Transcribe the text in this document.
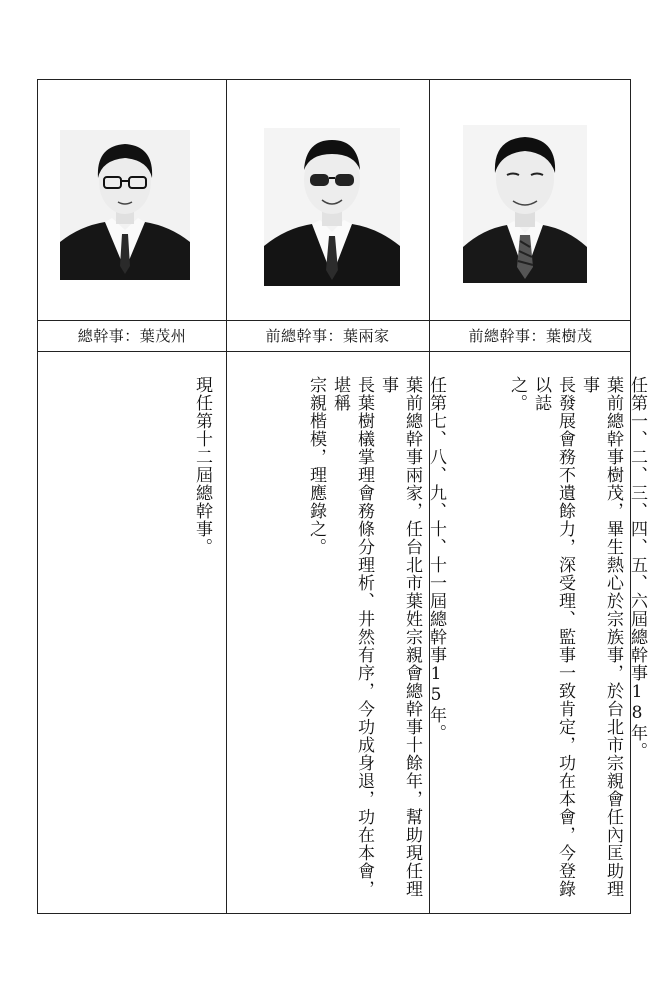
總幹事：葉茂州
現任第十二屆總幹事。
前總幹事：葉兩家
任第七、八、九、十、十一屆總幹事15年。
葉前總幹事兩家，任台北市葉姓宗親會總幹事十餘年，幫助現任理事
長葉樹檥掌理會務條分理析、井然有序，今功成身退，功在本會，堪稱
宗親楷模，理應錄之。
前總幹事：葉樹茂
任第一、二、三、四、五、六屆總幹事18年。
葉前總幹事樹茂，畢生熱心於宗族事，於台北市宗親會任內匡助理事
長發展會務不遺餘力，深受理、監事一致肯定，功在本會，今登錄以誌
之。
